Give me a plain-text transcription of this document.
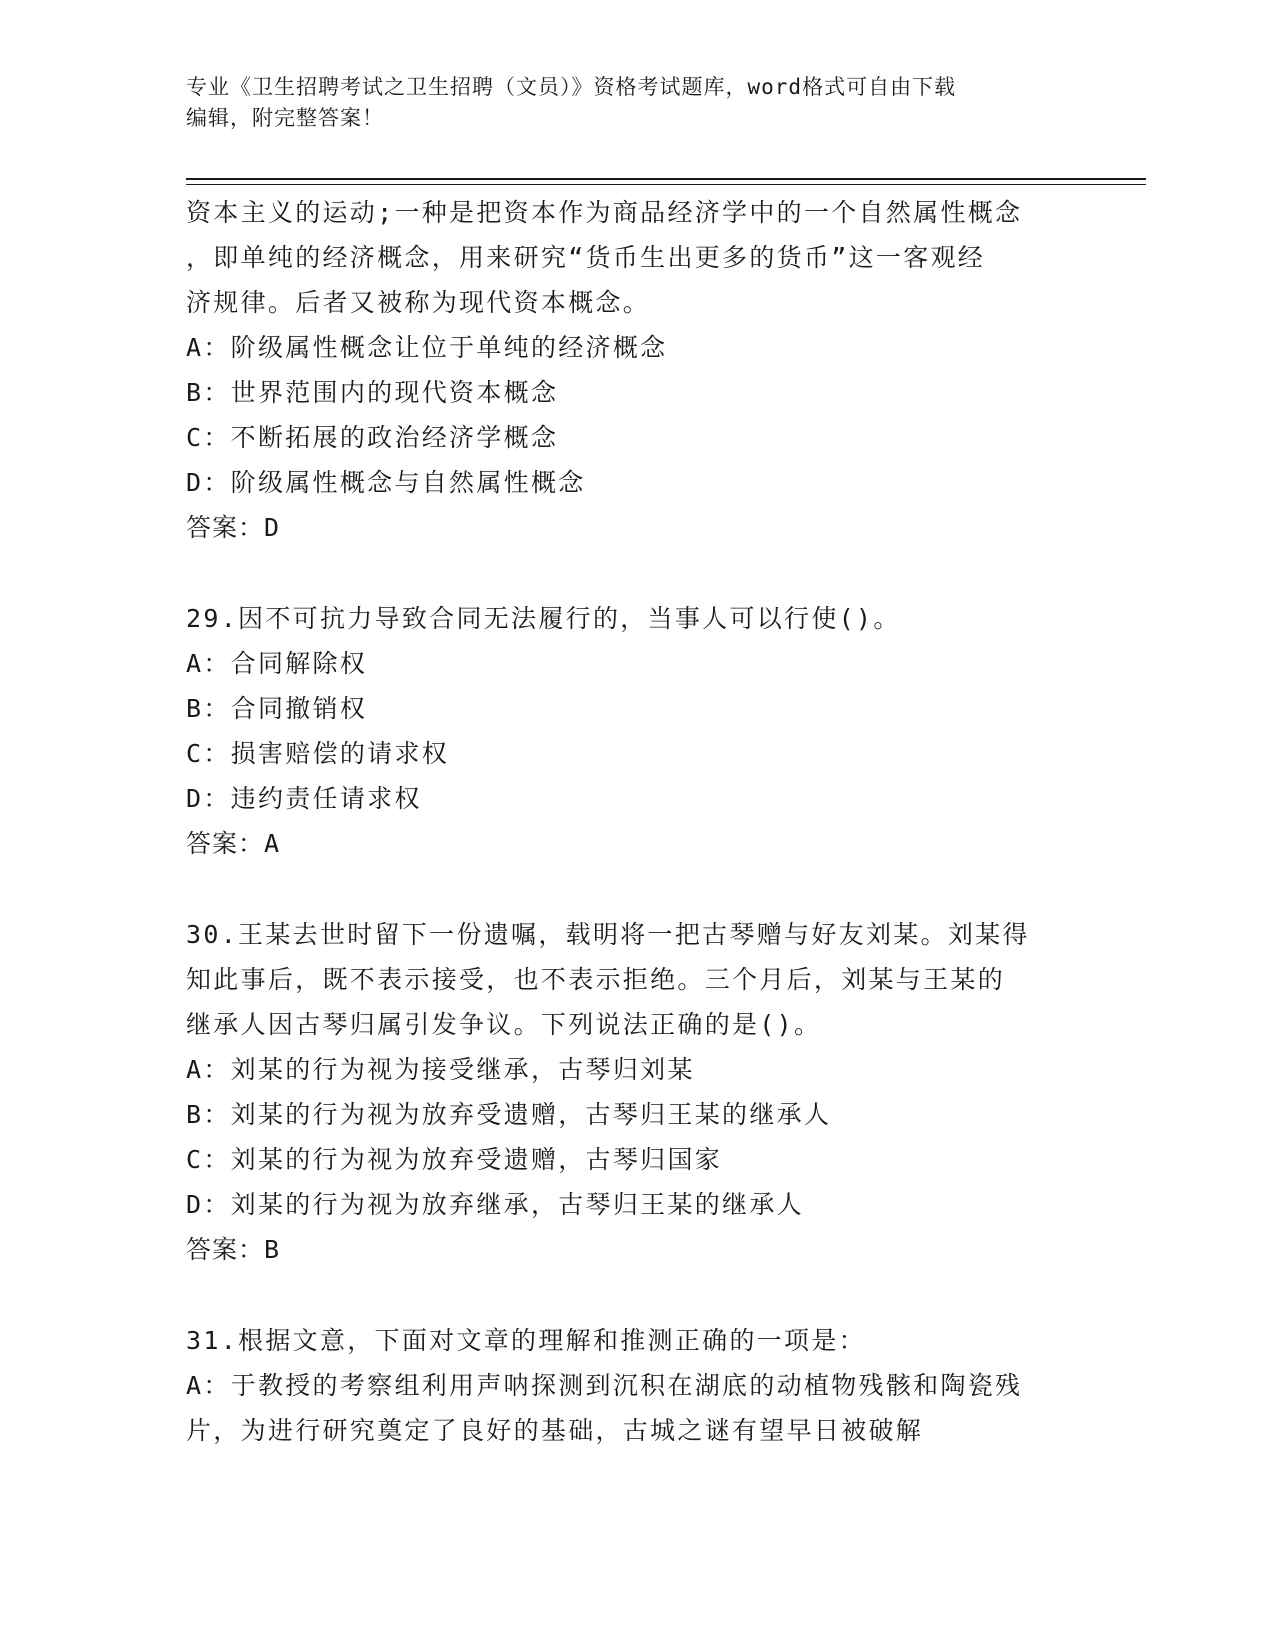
专业《卫生招聘考试之卫生招聘（文员）》资格考试题库，word格式可自由下载
编辑，附完整答案！
资本主义的运动;一种是把资本作为商品经济学中的一个自然属性概念
，即单纯的经济概念，用来研究“货币生出更多的货币”这一客观经
济规律。后者又被称为现代资本概念。
A：阶级属性概念让位于单纯的经济概念
B：世界范围内的现代资本概念
C：不断拓展的政治经济学概念
D：阶级属性概念与自然属性概念
答案：D
29.因不可抗力导致合同无法履行的，当事人可以行使()。
A：合同解除权
B：合同撤销权
C：损害赔偿的请求权
D：违约责任请求权
答案：A
30.王某去世时留下一份遗嘱，载明将一把古琴赠与好友刘某。刘某得
知此事后，既不表示接受，也不表示拒绝。三个月后，刘某与王某的
继承人因古琴归属引发争议。下列说法正确的是()。
A：刘某的行为视为接受继承，古琴归刘某
B：刘某的行为视为放弃受遗赠，古琴归王某的继承人
C：刘某的行为视为放弃受遗赠，古琴归国家
D：刘某的行为视为放弃继承，古琴归王某的继承人
答案：B
31.根据文意，下面对文章的理解和推测正确的一项是：
A：于教授的考察组利用声呐探测到沉积在湖底的动植物残骸和陶瓷残
片，为进行研究奠定了良好的基础，古城之谜有望早日被破解
